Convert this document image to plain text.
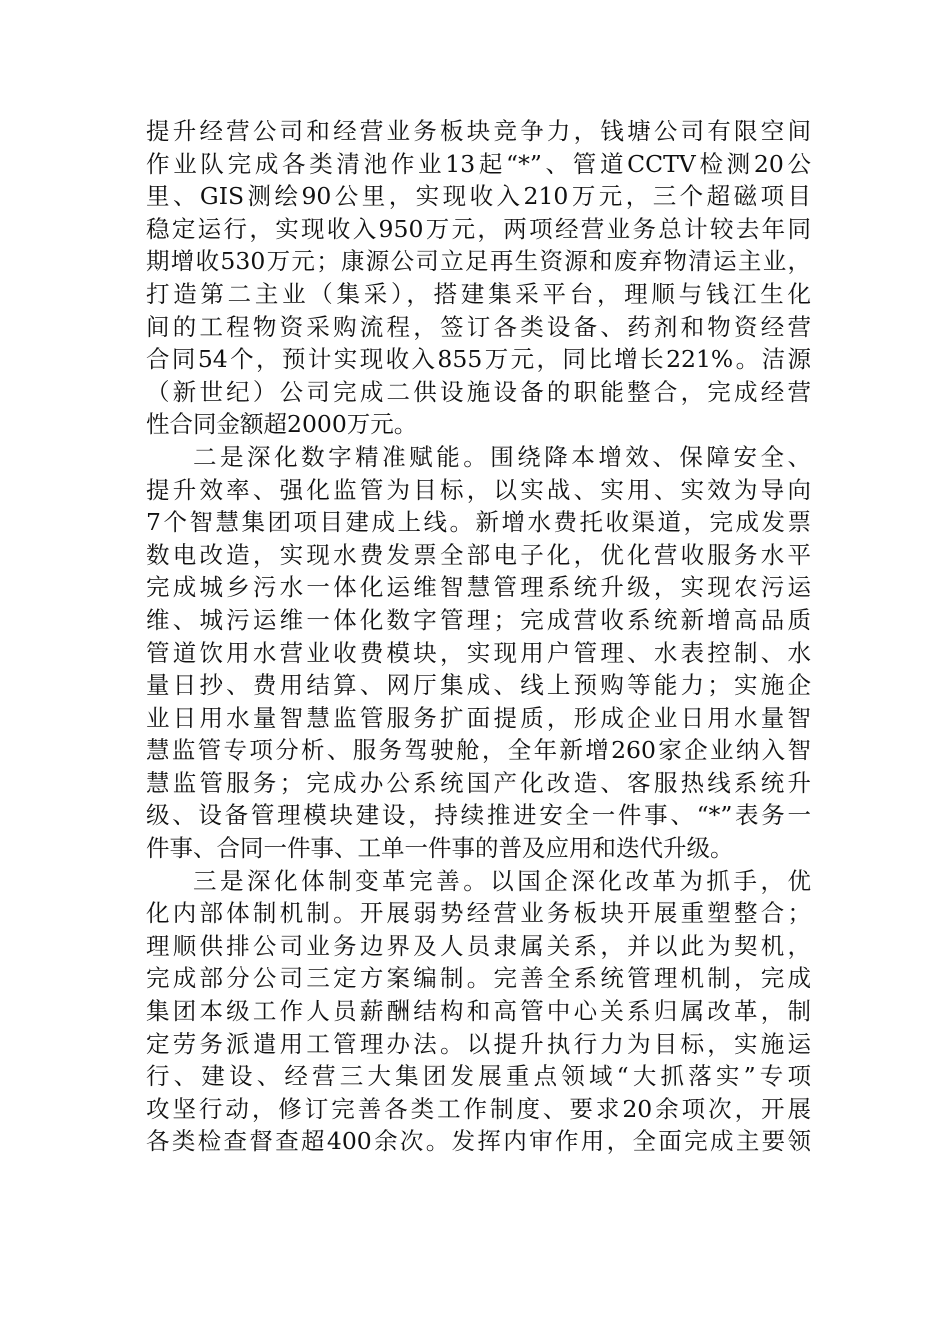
提升经营公司和经营业务板块竞争力，钱塘公司有限空间
作业队完成各类清池作业13起“*”、管道CCTV检测20公
里、GIS测绘90公里，实现收入210万元，三个超磁项目
稳定运行，实现收入950万元，两项经营业务总计较去年同
期增收530万元；康源公司立足再生资源和废弃物清运主业，
打造第二主业（集采），搭建集采平台，理顺与钱江生化
间的工程物资采购流程，签订各类设备、药剂和物资经营
合同54个，预计实现收入855万元，同比增长221%。洁源
（新世纪）公司完成二供设施设备的职能整合，完成经营
性合同金额超2000万元。
二是深化数字精准赋能。围绕降本增效、保障安全、
提升效率、强化监管为目标，以实战、实用、实效为导向
7个智慧集团项目建成上线。新增水费托收渠道，完成发票
数电改造，实现水费发票全部电子化，优化营收服务水平
完成城乡污水一体化运维智慧管理系统升级，实现农污运
维、城污运维一体化数字管理；完成营收系统新增高品质
管道饮用水营业收费模块，实现用户管理、水表控制、水
量日抄、费用结算、网厅集成、线上预购等能力；实施企
业日用水量智慧监管服务扩面提质，形成企业日用水量智
慧监管专项分析、服务驾驶舱，全年新增260家企业纳入智
慧监管服务；完成办公系统国产化改造、客服热线系统升
级、设备管理模块建设，持续推进安全一件事、“*”表务一
件事、合同一件事、工单一件事的普及应用和迭代升级。
三是深化体制变革完善。以国企深化改革为抓手，优
化内部体制机制。开展弱势经营业务板块开展重塑整合；
理顺供排公司业务边界及人员隶属关系，并以此为契机，
完成部分公司三定方案编制。完善全系统管理机制，完成
集团本级工作人员薪酬结构和高管中心关系归属改革，制
定劳务派遣用工管理办法。以提升执行力为目标，实施运
行、建设、经营三大集团发展重点领域“大抓落实”专项
攻坚行动，修订完善各类工作制度、要求20余项次，开展
各类检查督查超400余次。发挥内审作用，全面完成主要领
